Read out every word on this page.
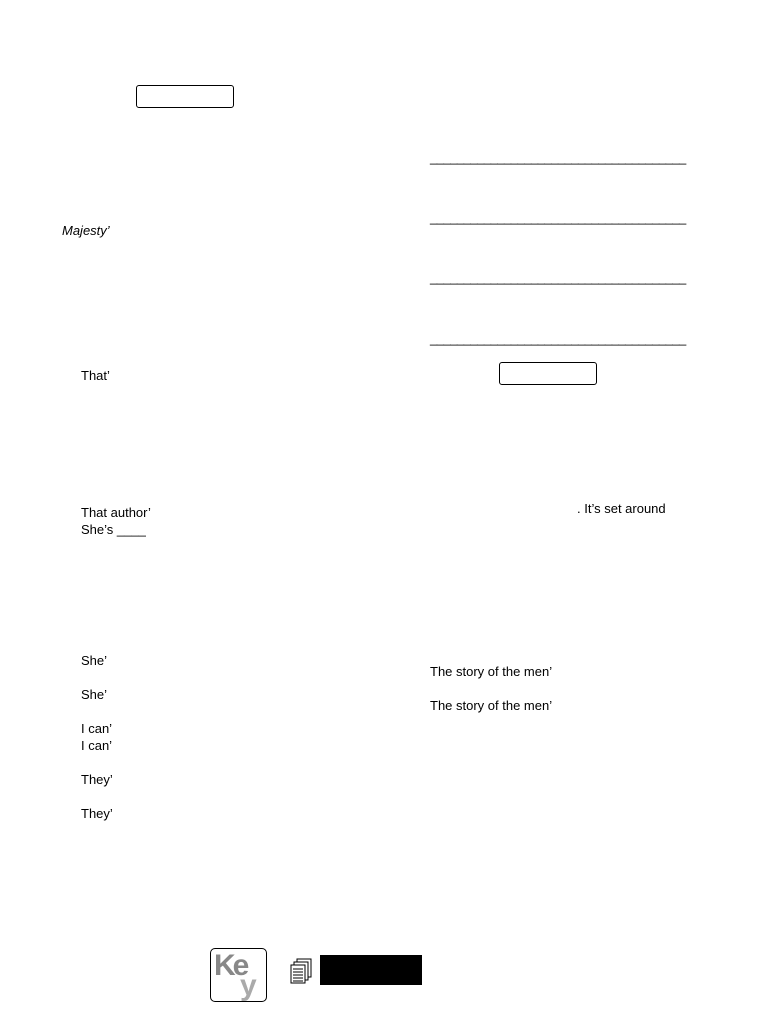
______________________________________
______________________________________
______________________________________
______________________________________
Majesty’
That’
That author’
She’s ____
. It’s set around
She’
The story of the men’
She’
The story of the men’
I can’
I can’
They’
They’
Ke
y
